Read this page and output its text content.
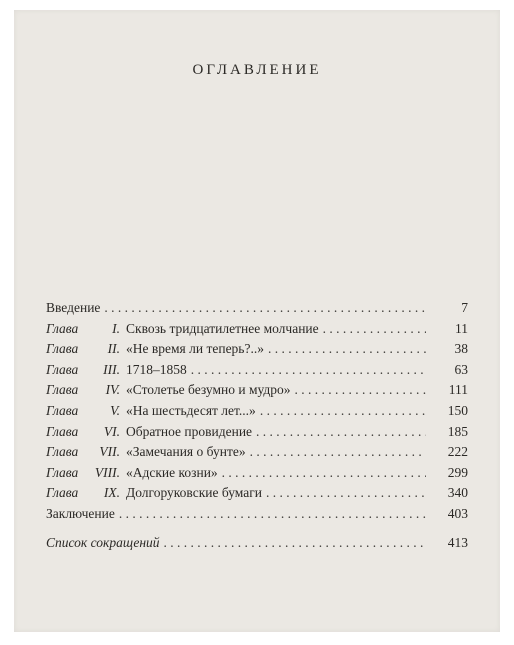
ОГЛАВЛЕНИЕ
Введение . . .	7
Глава	I. Сквозь тридцатилетнее молчание . . .	11
Глава	II. «Не время ли теперь?..» . . .	38
Глава	III. 1718–1858 . . .	63
Глава	IV. «Столетье безумно и мудро» . . .	111
Глава	V. «На шестьдесят лет...» . . .	150
Глава	VI. Обратное провидение . . .	185
Глава	VII. «Замечания о бунте» . . .	222
Глава	VIII. «Адские козни» . . .	299
Глава	IX. Долгоруковские бумаги . . .	340
Заключение . . .	403
Список сокращений . . .	413
